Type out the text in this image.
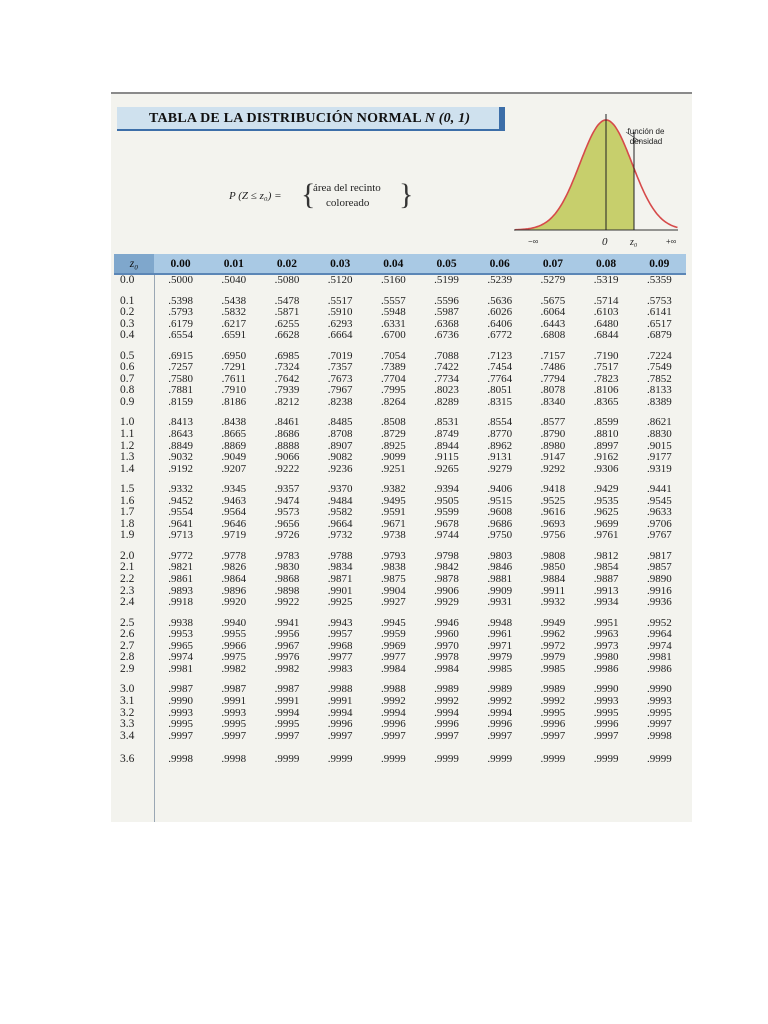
TABLA DE LA DISTRIBUCIÓN NORMAL N (0, 1)
P (Z ≤ z₀) = {
área del recinto
coloreado }
−∞	0 z₀	+∞
función de
densidad
z₀	0.00	0.01	0.02	0.03	0.04	0.05	0.06	0.07	0.08	0.09
0.0	.5000	.5040	.5080	.5120	.5160	.5199	.5239	.5279	.5319	.5359

0.1	.5398	.5438	.5478	.5517	.5557	.5596	.5636	.5675	.5714	.5753
0.2	.5793	.5832	.5871	.5910	.5948	.5987	.6026	.6064	.6103	.6141
0.3	.6179	.6217	.6255	.6293	.6331	.6368	.6406	.6443	.6480	.6517
0.4	.6554	.6591	.6628	.6664	.6700	.6736	.6772	.6808	.6844	.6879

0.5	.6915	.6950	.6985	.7019	.7054	.7088	.7123	.7157	.7190	.7224
0.6	.7257	.7291	.7324	.7357	.7389	.7422	.7454	.7486	.7517	.7549
0.7	.7580	.7611	.7642	.7673	.7704	.7734	.7764	.7794	.7823	.7852
0.8	.7881	.7910	.7939	.7967	.7995	.8023	.8051	.8078	.8106	.8133
0.9	.8159	.8186	.8212	.8238	.8264	.8289	.8315	.8340	.8365	.8389

1.0	.8413	.8438	.8461	.8485	.8508	.8531	.8554	.8577	.8599	.8621
1.1	.8643	.8665	.8686	.8708	.8729	.8749	.8770	.8790	.8810	.8830
1.2	.8849	.8869	.8888	.8907	.8925	.8944	.8962	.8980	.8997	.9015
1.3	.9032	.9049	.9066	.9082	.9099	.9115	.9131	.9147	.9162	.9177
1.4	.9192	.9207	.9222	.9236	.9251	.9265	.9279	.9292	.9306	.9319

1.5	.9332	.9345	.9357	.9370	.9382	.9394	.9406	.9418	.9429	.9441
1.6	.9452	.9463	.9474	.9484	.9495	.9505	.9515	.9525	.9535	.9545
1.7	.9554	.9564	.9573	.9582	.9591	.9599	.9608	.9616	.9625	.9633
1.8	.9641	.9646	.9656	.9664	.9671	.9678	.9686	.9693	.9699	.9706
1.9	.9713	.9719	.9726	.9732	.9738	.9744	.9750	.9756	.9761	.9767

2.0	.9772	.9778	.9783	.9788	.9793	.9798	.9803	.9808	.9812	.9817
2.1	.9821	.9826	.9830	.9834	.9838	.9842	.9846	.9850	.9854	.9857
2.2	.9861	.9864	.9868	.9871	.9875	.9878	.9881	.9884	.9887	.9890
2.3	.9893	.9896	.9898	.9901	.9904	.9906	.9909	.9911	.9913	.9916
2.4	.9918	.9920	.9922	.9925	.9927	.9929	.9931	.9932	.9934	.9936

2.5	.9938	.9940	.9941	.9943	.9945	.9946	.9948	.9949	.9951	.9952
2.6	.9953	.9955	.9956	.9957	.9959	.9960	.9961	.9962	.9963	.9964
2.7	.9965	.9966	.9967	.9968	.9969	.9970	.9971	.9972	.9973	.9974
2.8	.9974	.9975	.9976	.9977	.9977	.9978	.9979	.9979	.9980	.9981
2.9	.9981	.9982	.9982	.9983	.9984	.9984	.9985	.9985	.9986	.9986

3.0	.9987	.9987	.9987	.9988	.9988	.9989	.9989	.9989	.9990	.9990
3.1	.9990	.9991	.9991	.9991	.9992	.9992	.9992	.9992	.9993	.9993
3.2	.9993	.9993	.9994	.9994	.9994	.9994	.9994	.9995	.9995	.9995
3.3	.9995	.9995	.9995	.9996	.9996	.9996	.9996	.9996	.9996	.9997
3.4	.9997	.9997	.9997	.9997	.9997	.9997	.9997	.9997	.9997	.9998

3.6	.9998	.9998	.9999	.9999	.9999	.9999	.9999	.9999	.9999	.9999
